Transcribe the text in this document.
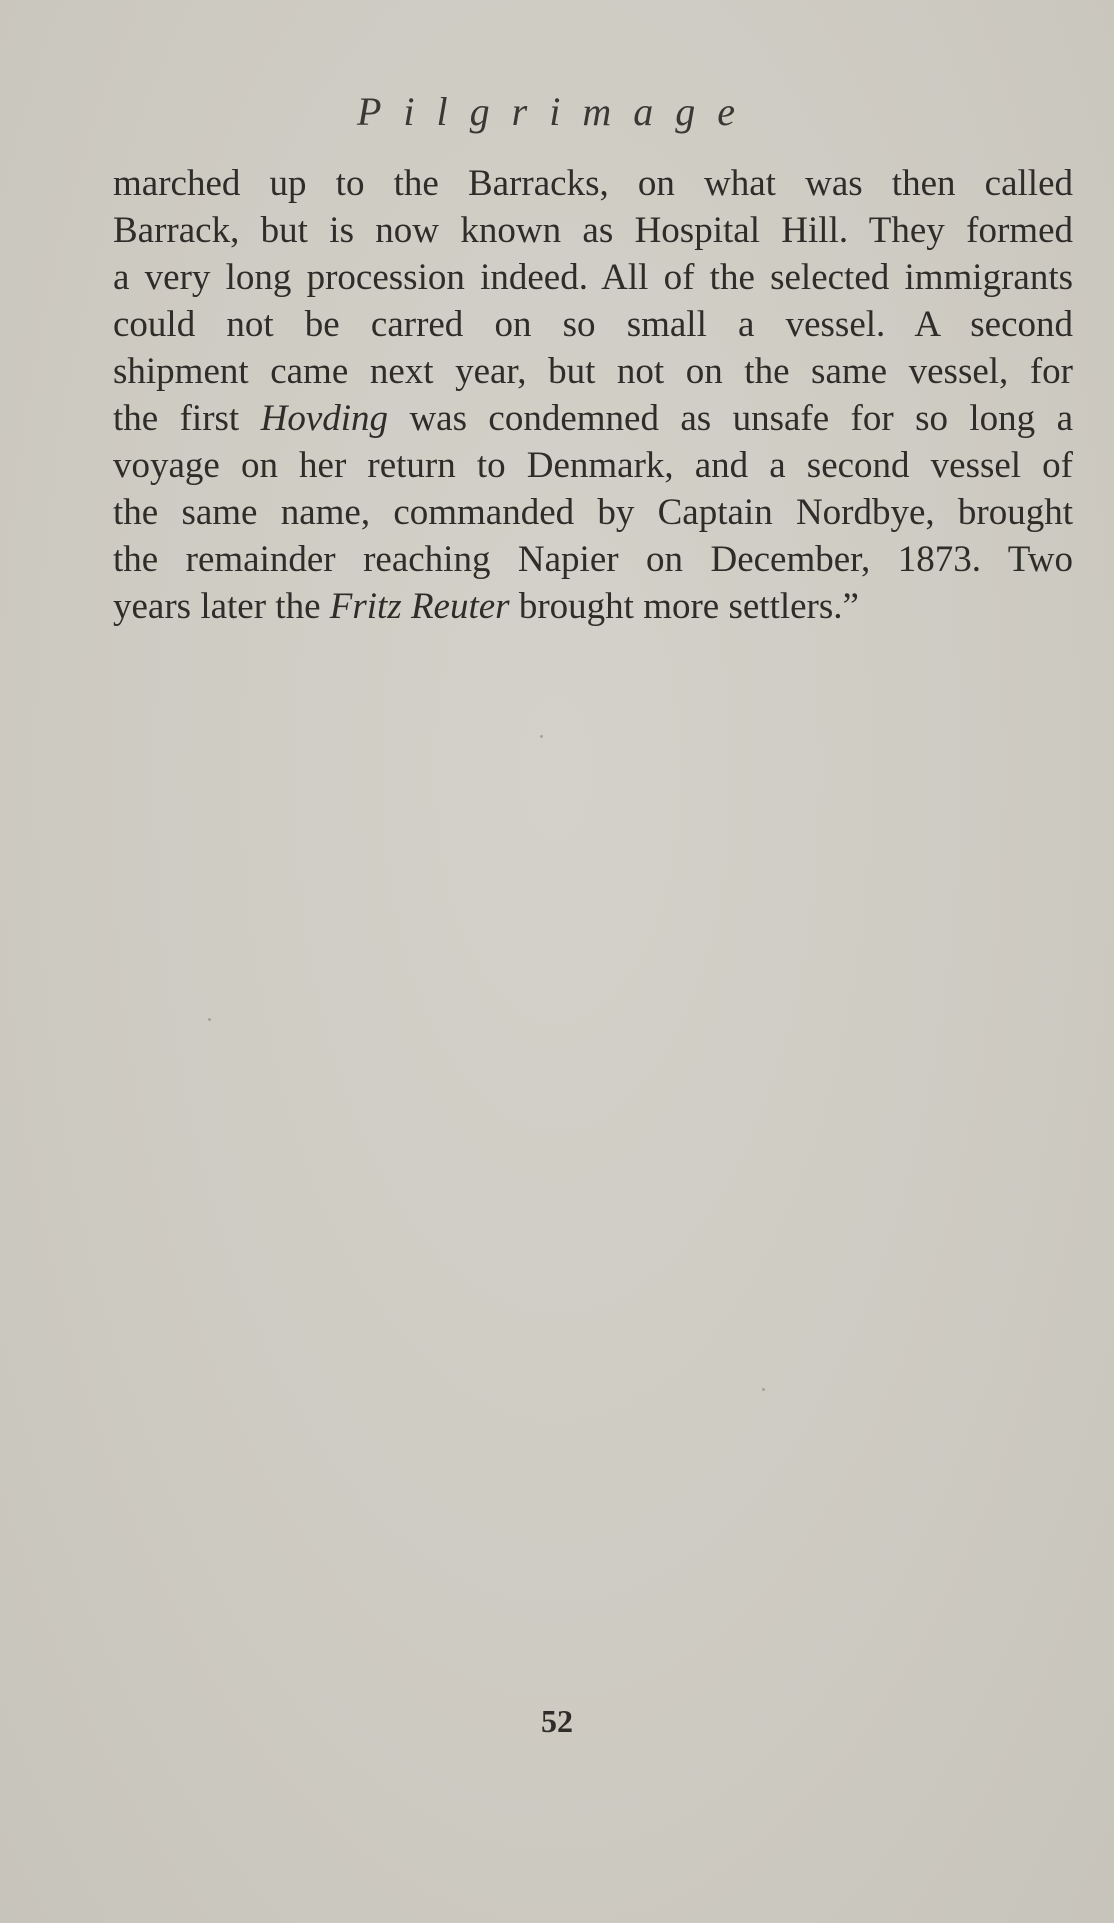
Pilgrimage
marched up to the Barracks, on what was then called
Barrack, but is now known as Hospital Hill. They formed
a very long procession indeed. All of the selected immigrants
could not be carred on so small a vessel. A second
shipment came next year, but not on the same vessel, for
the first Hovding was condemned as unsafe for so long a
voyage on her return to Denmark, and a second vessel of
the same name, commanded by Captain Nordbye, brought
the remainder reaching Napier on December, 1873. Two
years later the Fritz Reuter brought more settlers.”
52
